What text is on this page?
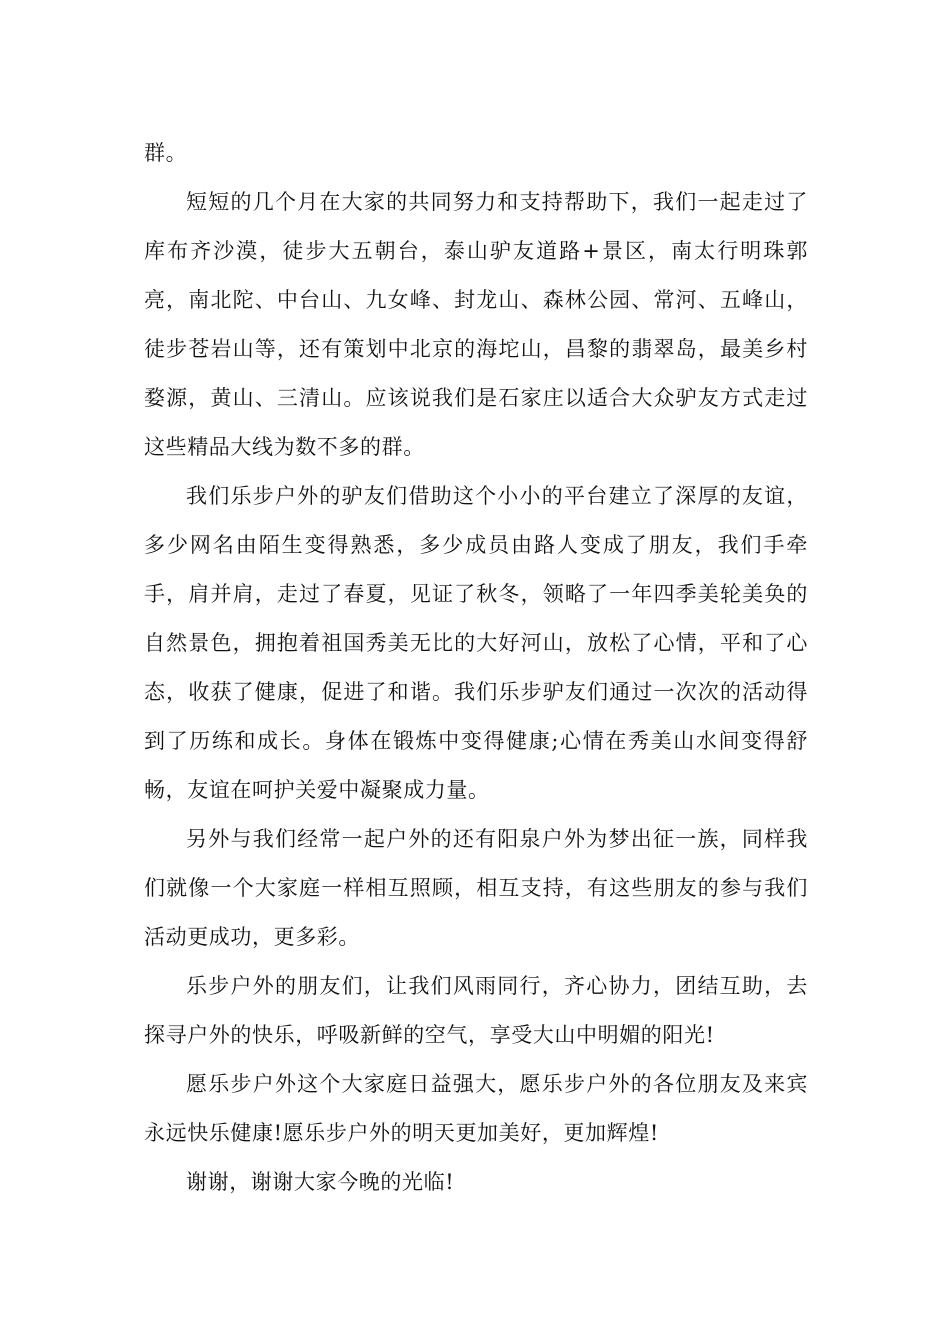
群。

短短的几个月在大家的共同努力和支持帮助下，我们一起走过了库布齐沙漠，徒步大五朝台，泰山驴友道路+景区，南太行明珠郭亮，南北陀、中台山、九女峰、封龙山、森林公园、常河、五峰山，徒步苍岩山等，还有策划中北京的海坨山，昌黎的翡翠岛，最美乡村婺源，黄山、三清山。应该说我们是石家庄以适合大众驴友方式走过这些精品大线为数不多的群。

我们乐步户外的驴友们借助这个小小的平台建立了深厚的友谊，多少网名由陌生变得熟悉，多少成员由路人变成了朋友，我们手牵手，肩并肩，走过了春夏，见证了秋冬，领略了一年四季美轮美奂的自然景色，拥抱着祖国秀美无比的大好河山，放松了心情，平和了心态，收获了健康，促进了和谐。我们乐步驴友们通过一次次的活动得到了历练和成长。身体在锻炼中变得健康;心情在秀美山水间变得舒畅，友谊在呵护关爱中凝聚成力量。

另外与我们经常一起户外的还有阳泉户外为梦出征一族，同样我们就像一个大家庭一样相互照顾，相互支持，有这些朋友的参与我们活动更成功，更多彩。

乐步户外的朋友们，让我们风雨同行，齐心协力，团结互助，去探寻户外的快乐，呼吸新鲜的空气，享受大山中明媚的阳光!

愿乐步户外这个大家庭日益强大，愿乐步户外的各位朋友及来宾永远快乐健康!愿乐步户外的明天更加美好，更加辉煌!

谢谢，谢谢大家今晚的光临!
